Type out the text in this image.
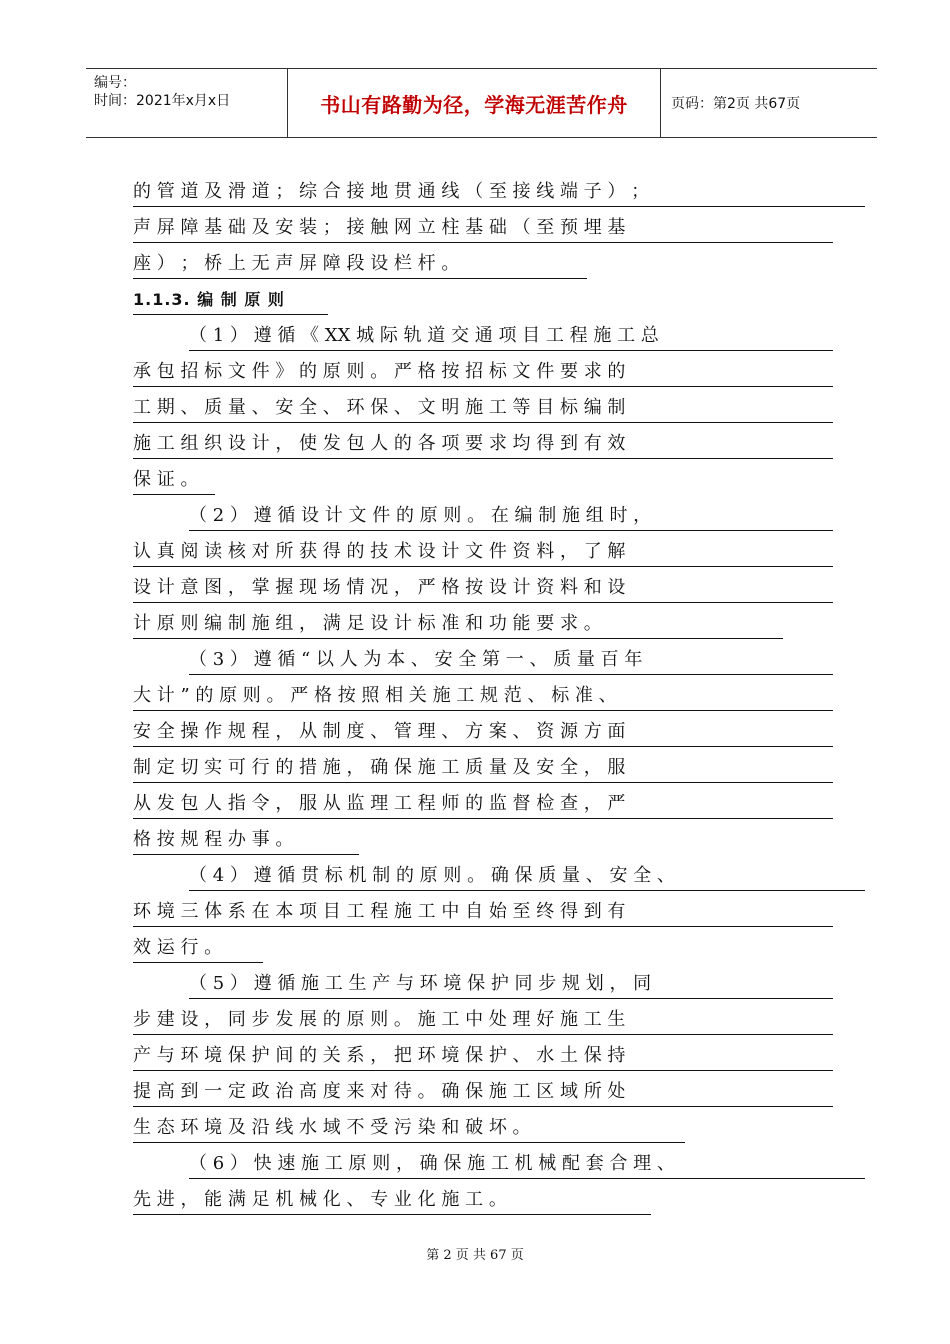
编号：
时间：2021年x月x日	书山有路勤为径，学海无涯苦作舟	页码：第2页 共67页
的 管 道 及 滑 道 ； 综 合 接 地 贯 通 线 （ 至 接 线 端 子 ） ；
声 屏 障 基 础 及 安 装 ； 接 触 网 立 柱 基 础 （ 至 预 埋 基
座 ） ； 桥 上 无 声 屏 障 段 设 栏 杆 。
1.1.3. 编 制 原 则
（ 1 ） 遵 循 《 XX 城 际 轨 道 交 通 项 目 工 程 施 工 总
承 包 招 标 文 件 》 的 原 则 。 严 格 按 招 标 文 件 要 求 的
工 期 、 质 量 、 安 全 、 环 保 、 文 明 施 工 等 目 标 编 制
施 工 组 织 设 计 ， 使 发 包 人 的 各 项 要 求 均 得 到 有 效
保 证 。
（ 2 ） 遵 循 设 计 文 件 的 原 则 。 在 编 制 施 组 时 ，
认 真 阅 读 核 对 所 获 得 的 技 术 设 计 文 件 资 料 ， 了 解
设 计 意 图 ， 掌 握 现 场 情 况 ， 严 格 按 设 计 资 料 和 设
计 原 则 编 制 施 组 ， 满 足 设 计 标 准 和 功 能 要 求 。
（ 3 ） 遵 循 “ 以 人 为 本 、 安 全 第 一 、 质 量 百 年
大 计 ” 的 原 则 。 严 格 按 照 相 关 施 工 规 范 、 标 准 、
安 全 操 作 规 程 ， 从 制 度 、 管 理 、 方 案 、 资 源 方 面
制 定 切 实 可 行 的 措 施 ， 确 保 施 工 质 量 及 安 全 ， 服
从 发 包 人 指 令 ， 服 从 监 理 工 程 师 的 监 督 检 查 ， 严
格 按 规 程 办 事 。
（ 4 ） 遵 循 贯 标 机 制 的 原 则 。 确 保 质 量 、 安 全 、
环 境 三 体 系 在 本 项 目 工 程 施 工 中 自 始 至 终 得 到 有
效 运 行 。
（ 5 ） 遵 循 施 工 生 产 与 环 境 保 护 同 步 规 划 ， 同
步 建 设 ， 同 步 发 展 的 原 则 。 施 工 中 处 理 好 施 工 生
产 与 环 境 保 护 间 的 关 系 ， 把 环 境 保 护 、 水 土 保 持
提 高 到 一 定 政 治 高 度 来 对 待 。 确 保 施 工 区 域 所 处
生 态 环 境 及 沿 线 水 域 不 受 污 染 和 破 坏 。
（ 6 ） 快 速 施 工 原 则 ， 确 保 施 工 机 械 配 套 合 理 、
先 进 ， 能 满 足 机 械 化 、 专 业 化 施 工 。
第 2 页 共 67 页
